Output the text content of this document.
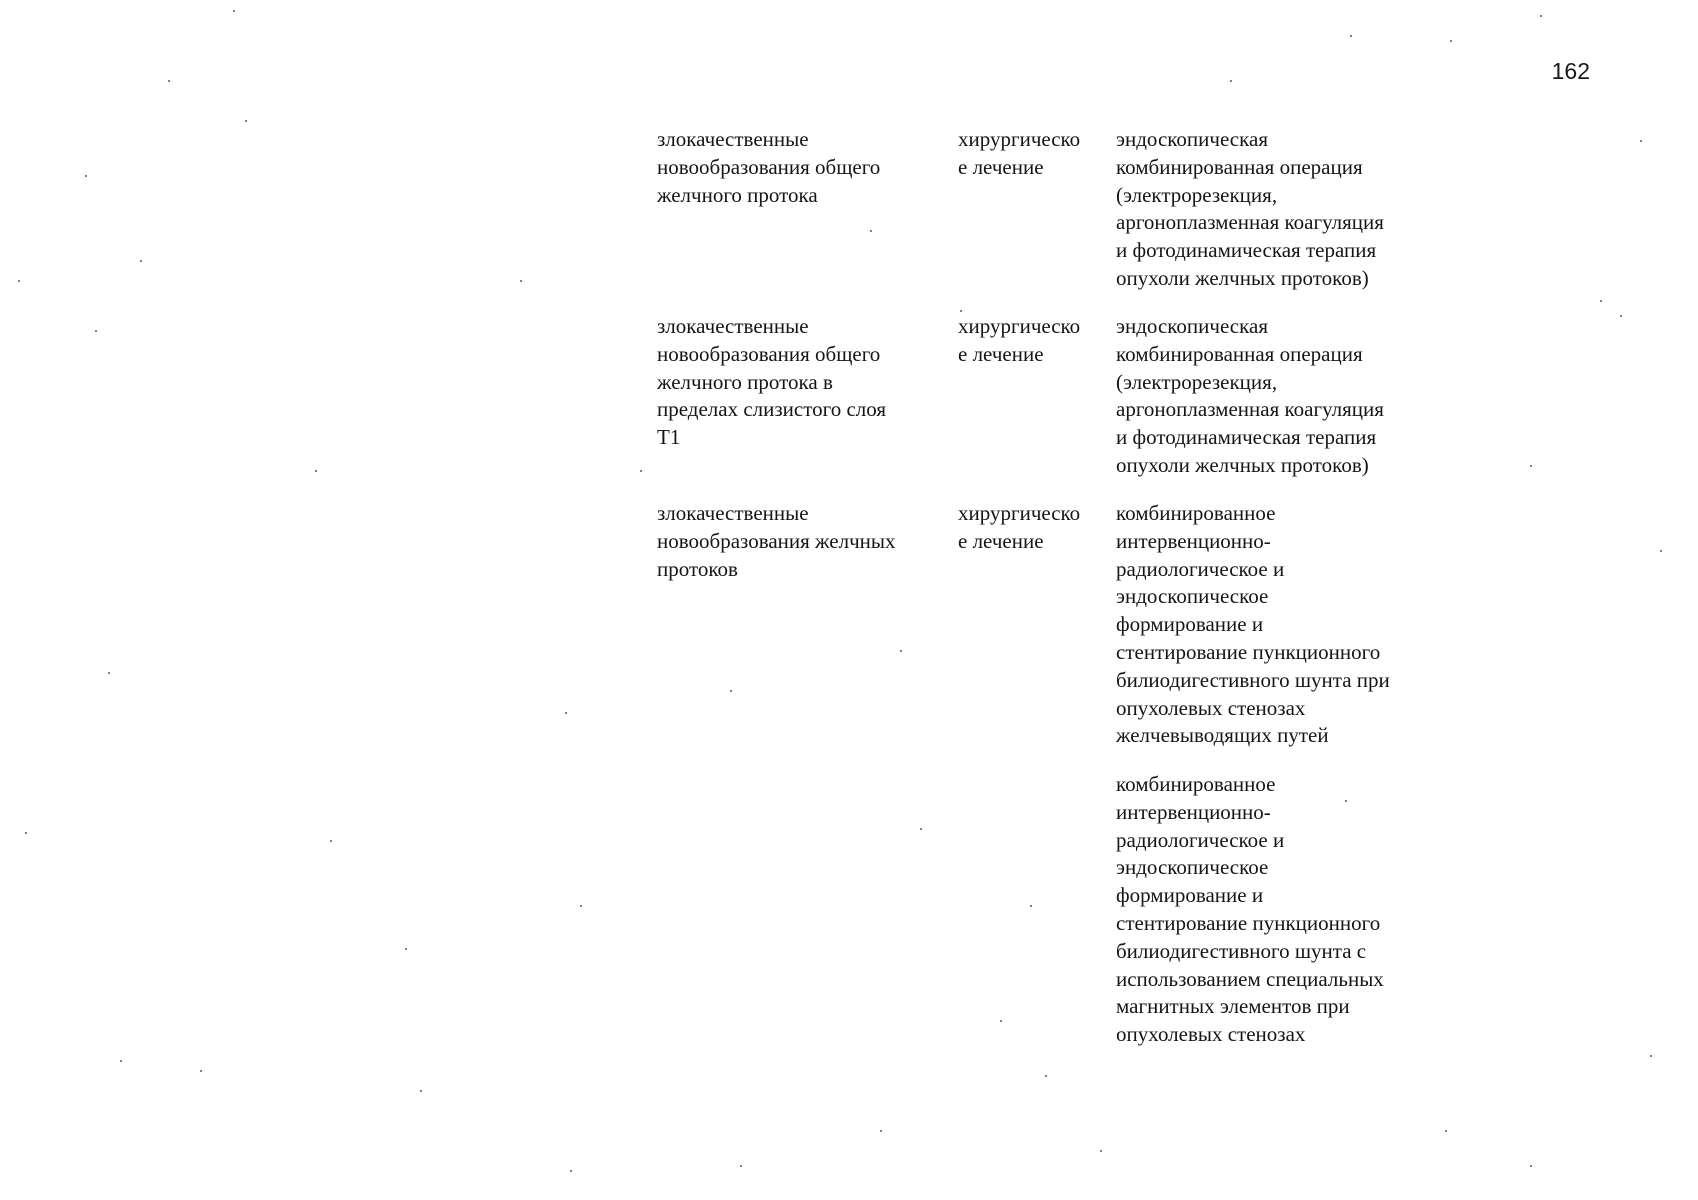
162
злокачественные
новообразования общего
желчного протока
хирургическо
е лечение
эндоскопическая
комбинированная операция
(электрорезекция,
аргоноплазменная коагуляция
и фотодинамическая терапия
опухоли желчных протоков)
злокачественные
новообразования общего
желчного протока в
пределах слизистого слоя
Т1
хирургическо
е лечение
эндоскопическая
комбинированная операция
(электрорезекция,
аргоноплазменная коагуляция
и фотодинамическая терапия
опухоли желчных протоков)
злокачественные
новообразования желчных
протоков
хирургическо
е лечение
комбинированное
интервенционно-
радиологическое и
эндоскопическое
формирование и
стентирование пункционного
билиодигестивного шунта при
опухолевых стенозах
желчевыводящих путей
комбинированное
интервенционно-
радиологическое и
эндоскопическое
формирование и
стентирование пункционного
билиодигестивного шунта с
использованием специальных
магнитных элементов при
опухолевых стенозах
